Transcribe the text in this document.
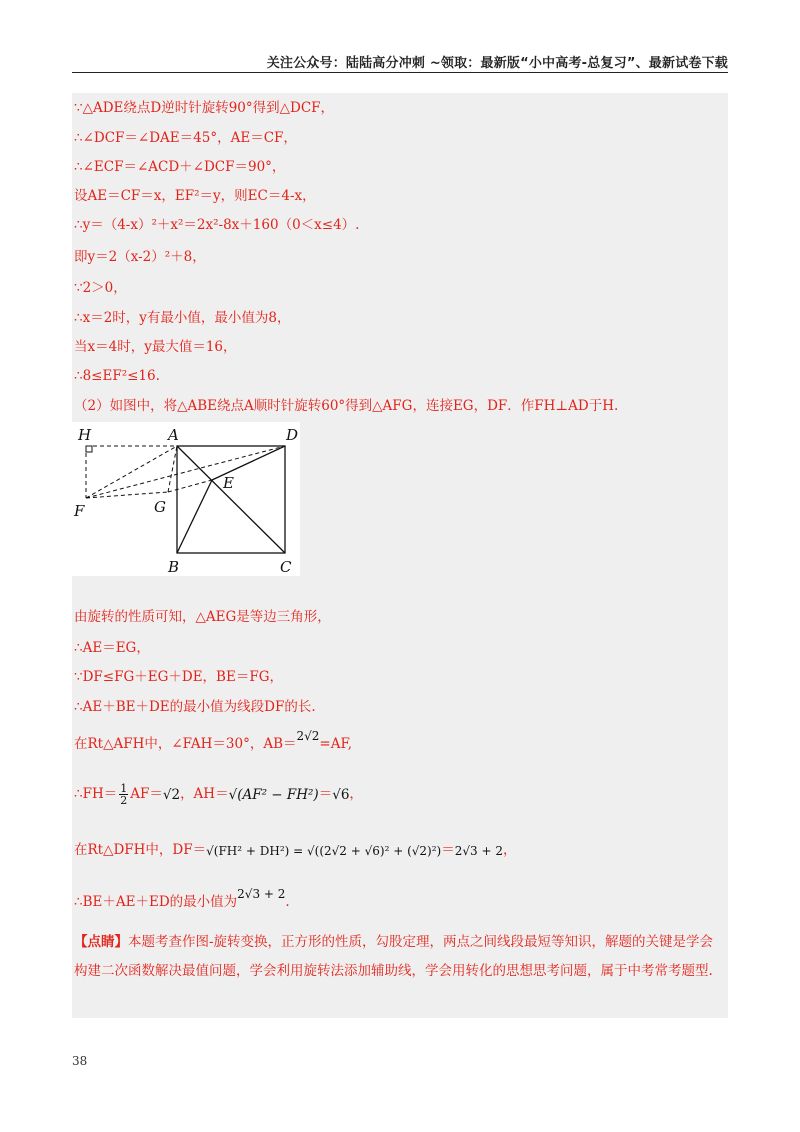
关注公众号：陆陆高分冲刺 ~领取：最新版“小中高考-总复习”、最新试卷下载
∵△ADE绕点D逆时针旋转90°得到△DCF，
∴∠DCF＝∠DAE＝45°，AE＝CF，
∴∠ECF＝∠ACD＋∠DCF＝90°，
设AE＝CF＝x，EF²＝y，则EC＝4-x，
∴y＝（4-x）²＋x²＝2x²-8x＋160（0＜x≤4）.
即y＝2（x-2）²＋8，
∵2＞0，
∴x＝2时，y有最小值，最小值为8，
当x＝4时，y最大值＝16，
∴8≤EF²≤16.
（2）如图中，将△ABE绕点A顺时针旋转60°得到△AFG，连接EG，DF．作FH⊥AD于H.
H	A	D
E
F	G
B	C
由旋转的性质可知，△AEG是等边三角形，
∴AE＝EG，
∵DF≤FG＋EG＋DE，BE＝FG，
∴AE＋BE＋DE的最小值为线段DF的长.
在Rt△AFH中，∠FAH＝30°，AB＝2√2=AF,
∴FH＝ $\frac{1}{2} AF=√2$，AH＝√(AF² − FH²)＝√6，
在Rt△DFH中，DF＝√(FH² + DH²) = √((2√2 + √6)² + (√2)²)＝2√3 + 2，
∴BE＋AE＋ED的最小值为2√3 + 2.
【点睛】本题考查作图-旋转变换，正方形的性质，勾股定理，两点之间线段最短等知识，解题的关键是学会构建二次函数解决最值问题，学会利用旋转法添加辅助线，学会用转化的思想思考问题，属于中考常考题型.
38
